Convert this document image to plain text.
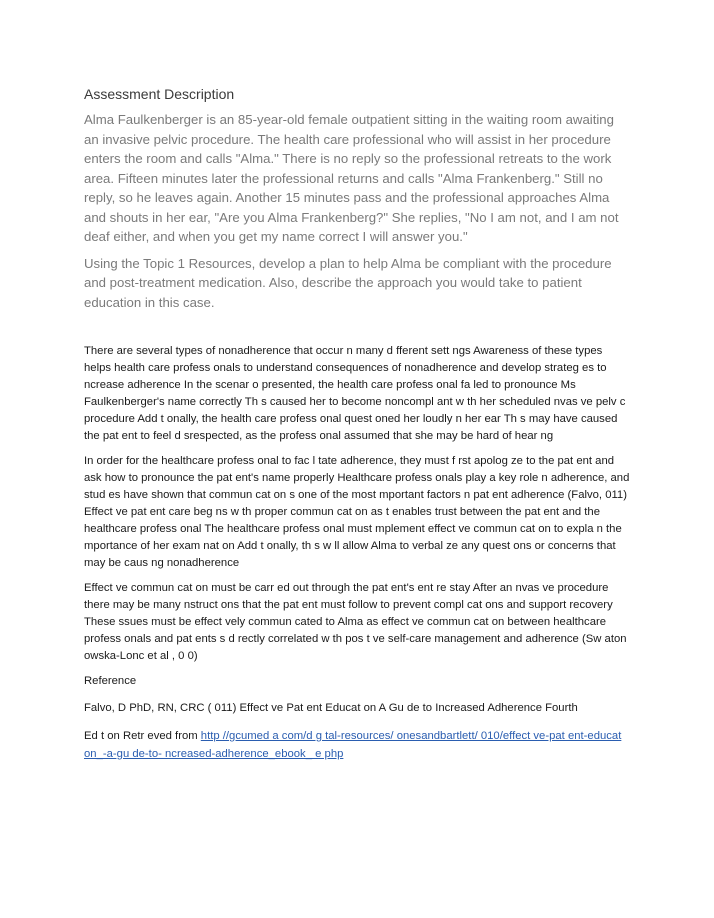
Assessment Description

Alma Faulkenberger is an 85-year-old female outpatient sitting in the waiting room awaiting an invasive pelvic procedure. The health care professional who will assist in her procedure enters the room and calls "Alma." There is no reply so the professional retreats to the work area. Fifteen minutes later the professional returns and calls "Alma Frankenberg." Still no reply, so he leaves again. Another 15 minutes pass and the professional approaches Alma and shouts in her ear, "Are you Alma Frankenberg?" She replies, "No I am not, and I am not deaf either, and when you get my name correct I will answer you."

Using the Topic 1 Resources, develop a plan to help Alma be compliant with the procedure and post-treatment medication. Also, describe the approach you would take to patient education in this case.

There are several types of nonadherence that occur n many d fferent sett ngs Awareness of these types helps health care profess onals to understand consequences of nonadherence and develop strateg es to ncrease adherence In the scenar o presented, the health care profess onal fa led to pronounce Ms Faulkenberger's name correctly Th s caused her to become noncompl ant w th her scheduled nvas ve pelv c procedure Add t onally, the health care profess onal quest oned her loudly n her ear Th s may have caused the pat ent to feel d srespected, as the profess onal assumed that she may be hard of hear ng

In order for the healthcare profess onal to fac l tate adherence, they must f rst apolog ze to the pat ent and ask how to pronounce the pat ent's name properly Healthcare profess onals play a key role n adherence, and stud es have shown that commun cat on s one of the most mportant factors n pat ent adherence (Falvo, 011) Effect ve pat ent care beg ns w th proper commun cat on as t enables trust between the pat ent and the healthcare profess onal The healthcare profess onal must mplement effect ve commun cat on to expla n the mportance of her exam nat on Add t onally, th s w ll allow Alma to verbal ze any quest ons or concerns that may be caus ng nonadherence

Effect ve commun cat on must be carr ed out through the pat ent's ent re stay After an nvas ve procedure there may be many nstruct ons that the pat ent must follow to prevent compl cat ons and support recovery These ssues must be effect vely commun cated to Alma as effect ve commun cat on between healthcare profess onals and pat ents s d rectly correlated w th pos t ve self-care management and adherence (Sw aton owska-Lonc et al , 0 0)

Reference
Falvo, D PhD, RN, CRC ( 011) Effect ve Pat ent Educat on A Gu de to Increased Adherence Fourth
Ed t on Retr eved from http //gcumed a com/d g tal-resources/ onesandbartlett/ 010/effect ve-pat ent-educat on_-a-gu de-to- ncreased-adherence_ebook_ e php
